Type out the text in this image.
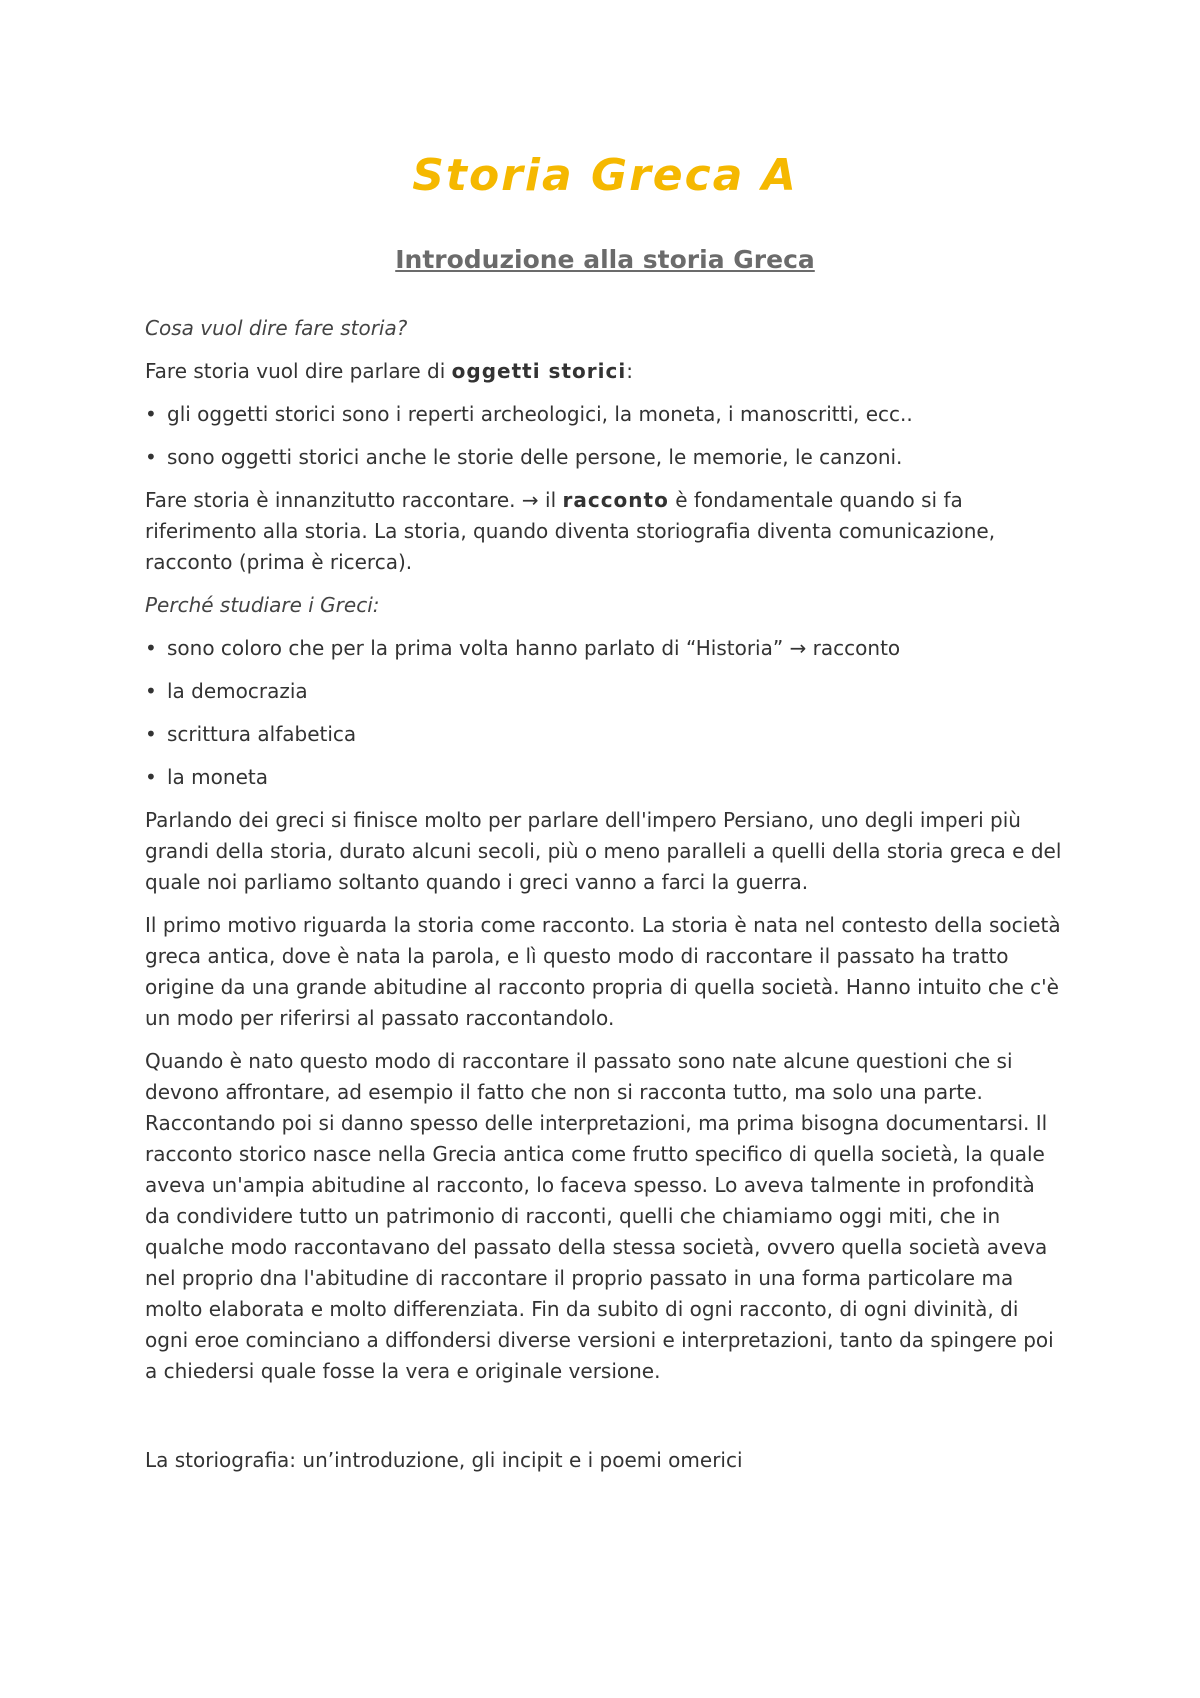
Storia Greca A
Introduzione alla storia Greca

Cosa vuol dire fare storia?

Fare storia vuol dire parlare di oggetti storici:

• gli oggetti storici sono i reperti archeologici, la moneta, i manoscritti, ecc..
• sono oggetti storici anche le storie delle persone, le memorie, le canzoni.

Fare storia è innanzitutto raccontare. → il racconto è fondamentale quando si fa riferimento alla storia. La storia, quando diventa storiografia diventa comunicazione, racconto (prima è ricerca).

Perché studiare i Greci:

• sono coloro che per la prima volta hanno parlato di “Historia” → racconto
• la democrazia
• scrittura alfabetica
• la moneta

Parlando dei greci si finisce molto per parlare dell'impero Persiano, uno degli imperi più grandi della storia, durato alcuni secoli, più o meno paralleli a quelli della storia greca e del quale noi parliamo soltanto quando i greci vanno a farci la guerra.

Il primo motivo riguarda la storia come racconto. La storia è nata nel contesto della società greca antica, dove è nata la parola, e lì questo modo di raccontare il passato ha tratto origine da una grande abitudine al racconto propria di quella società. Hanno intuito che c'è un modo per riferirsi al passato raccontandolo.

Quando è nato questo modo di raccontare il passato sono nate alcune questioni che si devono affrontare, ad esempio il fatto che non si racconta tutto, ma solo una parte. Raccontando poi si danno spesso delle interpretazioni, ma prima bisogna documentarsi. Il racconto storico nasce nella Grecia antica come frutto specifico di quella società, la quale aveva un'ampia abitudine al racconto, lo faceva spesso. Lo aveva talmente in profondità da condividere tutto un patrimonio di racconti, quelli che chiamiamo oggi miti, che in qualche modo raccontavano del passato della stessa società, ovvero quella società aveva nel proprio dna l'abitudine di raccontare il proprio passato in una forma particolare ma molto elaborata e molto differenziata. Fin da subito di ogni racconto, di ogni divinità, di ogni eroe cominciano a diffondersi diverse versioni e interpretazioni, tanto da spingere poi a chiedersi quale fosse la vera e originale versione.

La storiografia: un’introduzione, gli incipit e i poemi omerici
